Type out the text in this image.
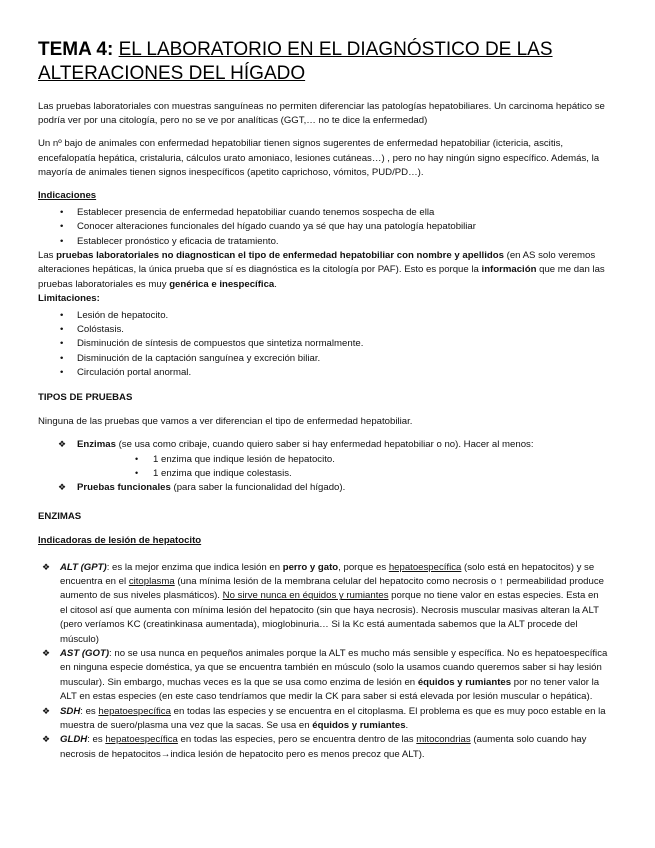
TEMA 4: EL LABORATORIO EN EL DIAGNÓSTICO DE LAS ALTERACIONES DEL HÍGADO

Las pruebas laboratoriales con muestras sanguíneas no permiten diferenciar las patologías hepatobiliares. Un carcinoma hepático se podría ver por una citología, pero no se ve por analíticas (GGT,… no te dice la enfermedad)

Un nº bajo de animales con enfermedad hepatobiliar tienen signos sugerentes de enfermedad hepatobiliar (ictericia, ascitis, encefalopatía hepática, cristaluria, cálculos urato amoniaco, lesiones cutáneas…) , pero no hay ningún signo específico. Además, la mayoría de animales tienen signos inespecíficos (apetito caprichoso, vómitos, PUD/PD…).

Indicaciones
• Establecer presencia de enfermedad hepatobiliar cuando tenemos sospecha de ella
• Conocer alteraciones funcionales del hígado cuando ya sé que hay una patología hepatobiliar
• Establecer pronóstico y eficacia de tratamiento.
Las pruebas laboratoriales no diagnostican el tipo de enfermedad hepatobiliar con nombre y apellidos (en AS solo veremos alteraciones hepáticas, la única prueba que sí es diagnóstica es la citología por PAF). Esto es porque la información que me dan las pruebas laboratoriales es muy genérica e inespecífica.
Limitaciones:
• Lesión de hepatocito.
• Colóstasis.
• Disminución de síntesis de compuestos que sintetiza normalmente.
• Disminución de la captación sanguínea y excreción biliar.
• Circulación portal anormal.
TIPOS DE PRUEBAS

Ninguna de las pruebas que vamos a ver diferencian el tipo de enfermedad hepatobiliar.

❖ Enzimas (se usa como cribaje, cuando quiero saber si hay enfermedad hepatobiliar o no). Hacer al menos:
• 1 enzima que indique lesión de hepatocito.
• 1 enzima que indique colestasis.
❖ Pruebas funcionales (para saber la funcionalidad del hígado).
ENZIMAS
Indicadoras de lesión de hepatocito
❖ ALT (GPT): es la mejor enzima que indica lesión en perro y gato, porque es hepatoespecífica (solo está en hepatocitos) y se encuentra en el citoplasma (una mínima lesión de la membrana celular del hepatocito como necrosis o ↑ permeabilidad produce aumento de sus niveles plasmáticos). No sirve nunca en équidos y rumiantes porque no tiene valor en estas especies. Esta en el citosol así que aumenta con mínima lesión del hepatocito (sin que haya necrosis). Necrosis muscular masivas alteran la ALT (pero veríamos KC (creatinkinasa aumentada), mioglobinuria… Si la Kc está aumentada sabemos que la ALT procede del músculo)
❖ AST (GOT): no se usa nunca en pequeños animales porque la ALT es mucho más sensible y específica. No es hepatoespecífica en ninguna especie doméstica, ya que se encuentra también en músculo (solo la usamos cuando queremos saber si hay lesión muscular). Sin embargo, muchas veces es la que se usa como enzima de lesión en équidos y rumiantes por no tener valor la ALT en estas especies (en este caso tendríamos que medir la CK para saber si está elevada por lesión muscular o hepática).
❖ SDH: es hepatoespecífica en todas las especies y se encuentra en el citoplasma. El problema es que es muy poco estable en la muestra de suero/plasma una vez que la sacas. Se usa en équidos y rumiantes.
❖ GLDH: es hepatoespecífica en todas las especies, pero se encuentra dentro de las mitocondrias (aumenta solo cuando hay necrosis de hepatocitos→indica lesión de hepatocito pero es menos precoz que ALT).
